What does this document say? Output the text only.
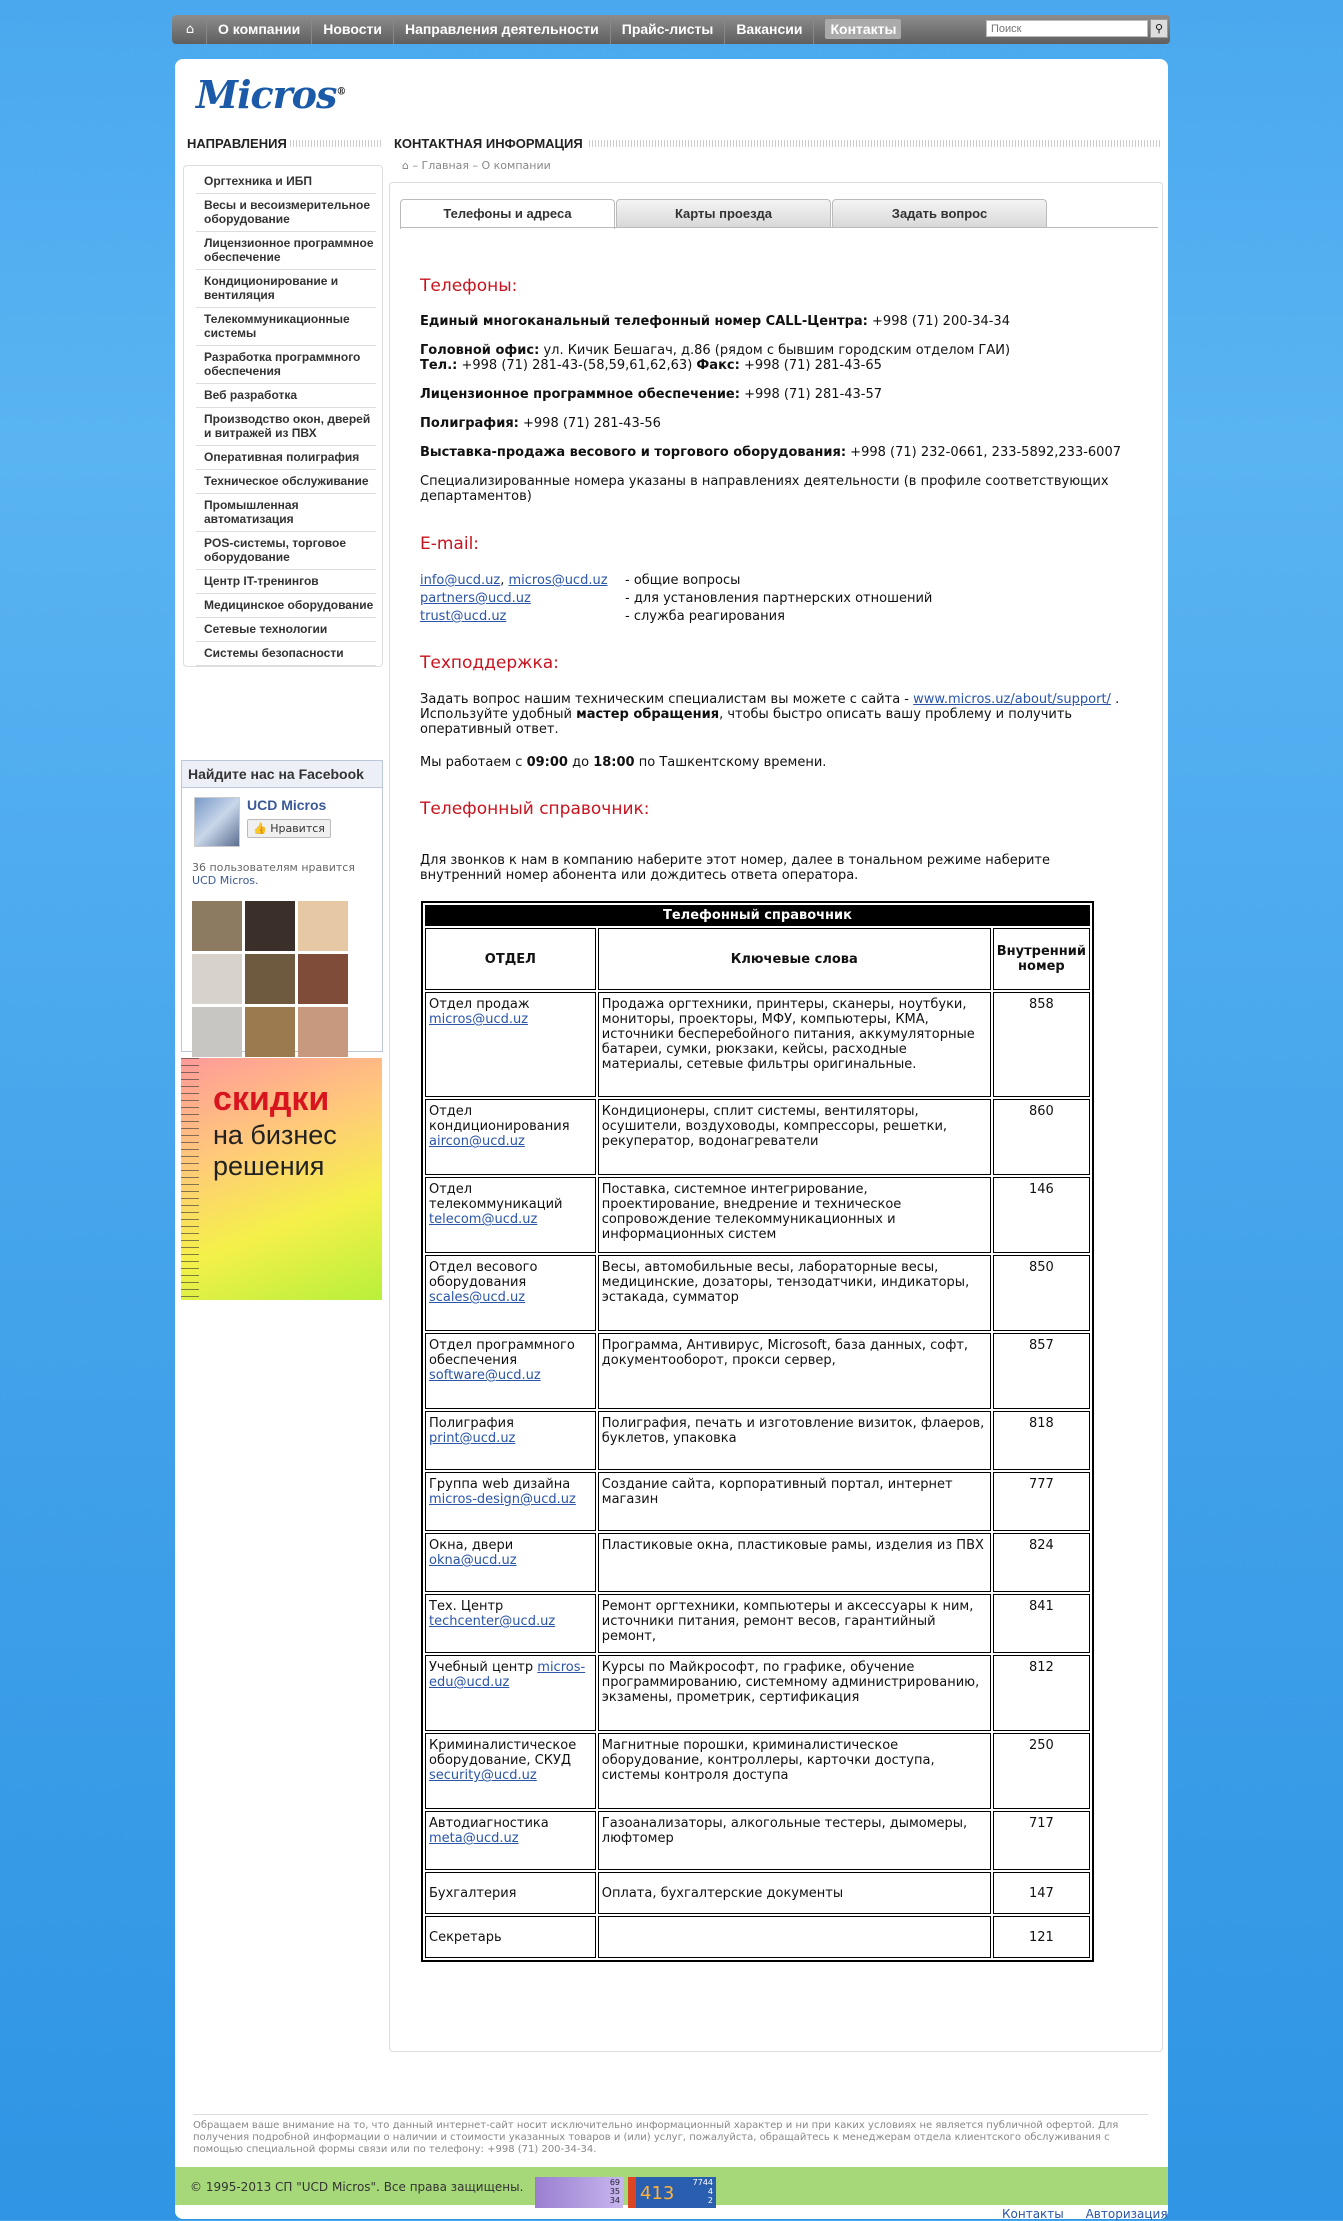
⌂	О компании	Новости	Направления деятельности	Прайс-листы	Вакансии	Контакты
Поиск	⚲
Micros®
НАПРАВЛЕНИЯ
Оргтехника и ИБП
Весы и весоизмерительное оборудование
Лицензионное программное обеспечение
Кондиционирование и вентиляция
Телекоммуникационные системы
Разработка программного обеспечения
Веб разработка
Производство окон, дверей и витражей из ПВХ
Оперативная полиграфия
Техническое обслуживание
Промышленная автоматизация
POS-системы, торговое оборудование
Центр IT-тренингов
Медицинское оборудование
Сетевые технологии
Системы безопасности
Найдите нас на Facebook
UCD Micros
👍 Нравится
36 пользователям нравится UCD Micros.
скидки
на бизнес
решения
КОНТАКТНАЯ ИНФОРМАЦИЯ
⌂ – Главная – О компании
Телефоны и адреса	Карты проезда	Задать вопрос
Телефоны:
Единый многоканальный телефонный номер CALL-Центра: +998 (71) 200-34-34
Головной офис: ул. Кичик Бешагач, д.86 (рядом с бывшим городским отделом ГАИ)
Тел.: +998 (71) 281-43-(58,59,61,62,63) Факс: +998 (71) 281-43-65
Лицензионное программное обеспечение: +998 (71) 281-43-57
Полиграфия: +998 (71) 281-43-56
Выставка-продажа весового и торгового оборудования: +998 (71) 232-0661, 233-5892,233-6007
Специализированные номера указаны в направлениях деятельности (в профиле соответствующих департаментов)
E-mail:
info@ucd.uz, micros@ucd.uz - общие вопросы
partners@ucd.uz	- для установления партнерских отношений
trust@ucd.uz	- служба реагирования
Техподдержка:
Задать вопрос нашим техническим специалистам вы можете с сайта - www.micros.uz/about/support/ . Используйте удобный мастер обращения, чтобы быстро описать вашу проблему и получить оперативный ответ.
Мы работаем с 09:00 до 18:00 по Ташкентскому времени.
Телефонный справочник:
Для звонков к нам в компанию наберите этот номер, далее в тональном режиме наберите внутренний номер абонента или дождитесь ответа оператора.
Телефонный справочник		
ОТДЕЛ	Ключевые слова	Внутренний номер
Отдел продаж
micros@ucd.uz	Продажа оргтехники, принтеры, сканеры, ноутбуки, мониторы, проекторы, МФУ, компьютеры, КМА, источники бесперебойного питания, аккумуляторные батареи, сумки, рюкзаки, кейсы, расходные материалы, сетевые фильтры оригинальные.	858
Отдел кондиционирования
aircon@ucd.uz	Кондиционеры, сплит системы, вентиляторы, осушители, воздуховоды, компрессоры, решетки, рекуператор, водонагреватели	860
Отдел телекоммуникаций
telecom@ucd.uz	Поставка, системное интегрирование, проектирование, внедрение и техническое сопровождение телекоммуникационных и информационных систем	146
Отдел весового оборудования
scales@ucd.uz	Весы, автомобильные весы, лабораторные весы, медицинские, дозаторы, тензодатчики, индикаторы, эстакада, сумматор	850
Отдел программного обеспечения
software@ucd.uz	Программа, Антивирус, Microsoft, база данных, софт, документооборот, прокси сервер,	857
Полиграфия
print@ucd.uz	Полиграфия, печать и изготовление визиток, флаеров, буклетов, упаковка	818
Группа web дизайна
micros-design@ucd.uz	Создание сайта, корпоративный портал, интернет магазин	777
Окна, двери
okna@ucd.uz	Пластиковые окна, пластиковые рамы, изделия из ПВХ	824
Тех. Центр
techcenter@ucd.uz	Ремонт оргтехники, компьютеры и аксессуары к ним, источники питания, ремонт весов, гарантийный ремонт,	841
Учебный центр micros-edu@ucd.uz	Курсы по Майкрософт, по графике, обучение программированию, системному администрированию, экзамены, прометрик, сертификация	812
Криминалистическое оборудование, СКУД
security@ucd.uz	Магнитные порошки, криминалистическое оборудование, контроллеры, карточки доступа, системы контроля доступа	250
Автодиагностика
meta@ucd.uz	Газоанализаторы, алкогольные тестеры, дымомеры, люфтомер	717
Бухгалтерия	Оплата, бухгалтерские документы	147
Секретарь		121
Обращаем ваше внимание на то, что данный интернет-сайт носит исключительно информационный характер и ни при каких условиях не является публичной офертой. Для получения подробной информации о наличии и стоимости указанных товаров и (или) услуг, пожалуйста, обращайтесь к менеджерам отдела клиентского обслуживания с помощью специальной формы связи или по телефону: +998 (71) 200-34-34.
© 1995-2013 СП "UCD Micros". Все права защищены.	69
35
34 413
7744
4
2
Контакты Авторизация
